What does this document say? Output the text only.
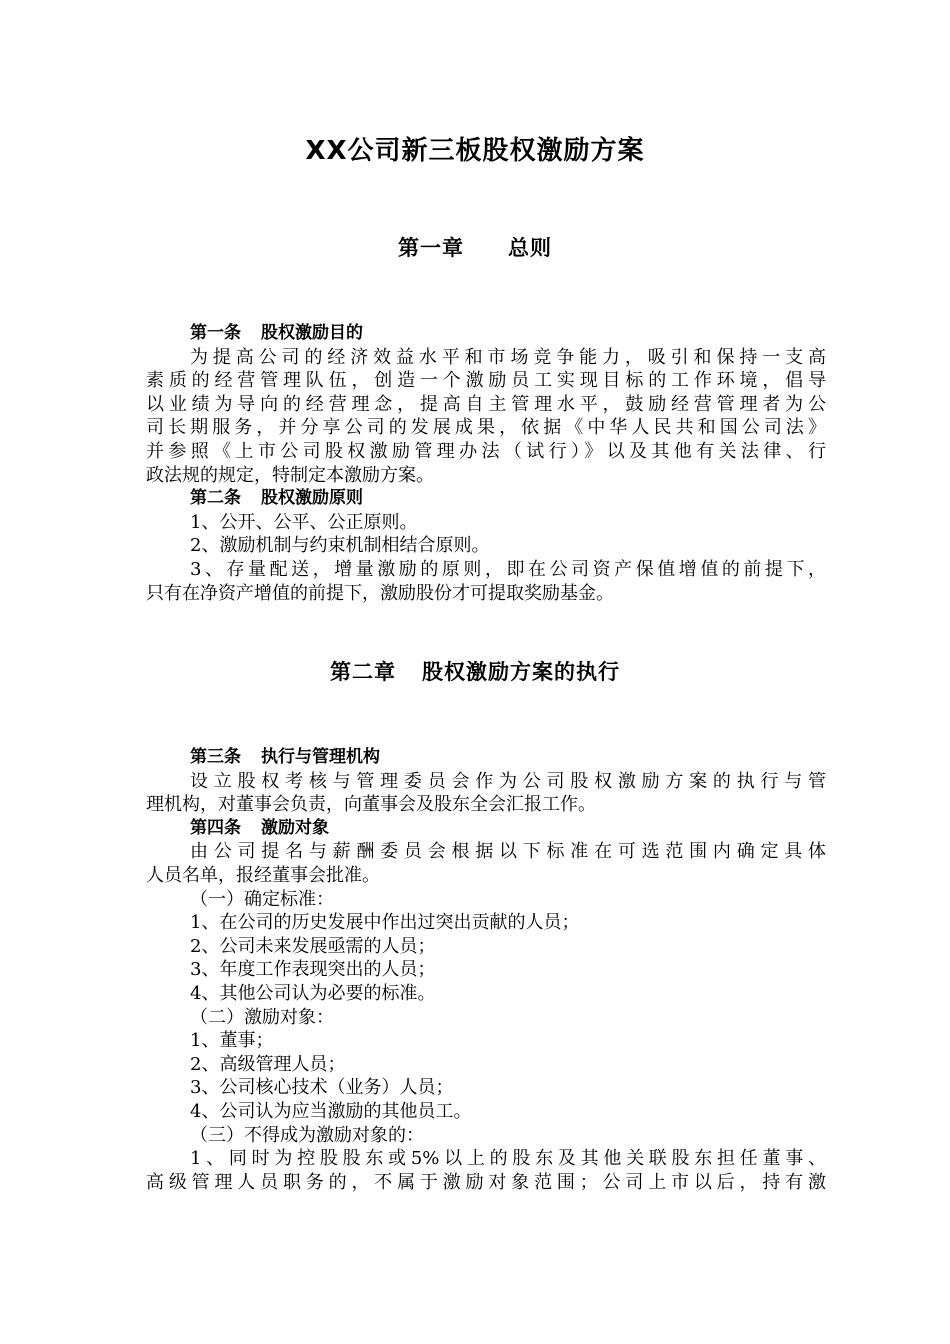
XX公司新三板股权激励方案
第一章 总则
第一条 股权激励目的
为提高公司的经济效益水平和市场竞争能力，吸引和保持一支高
素质的经营管理队伍，创造一个激励员工实现目标的工作环境，倡导
以业绩为导向的经营理念，提高自主管理水平，鼓励经营管理者为公
司长期服务，并分享公司的发展成果，依据《中华人民共和国公司法》
并参照《上市公司股权激励管理办法（试行）》以及其他有关法律、行
政法规的规定，特制定本激励方案。
第二条 股权激励原则
1、公开、公平、公正原则。
2、激励机制与约束机制相结合原则。
3、存量配送，增量激励的原则，即在公司资产保值增值的前提下，
只有在净资产增值的前提下，激励股份才可提取奖励基金。
第二章 股权激励方案的执行
第三条 执行与管理机构
设立股权考核与管理委员会作为公司股权激励方案的执行与管
理机构，对董事会负责，向董事会及股东全会汇报工作。
第四条 激励对象
由公司提名与薪酬委员会根据以下标准在可选范围内确定具体
人员名单，报经董事会批准。
（一）确定标准：
1、在公司的历史发展中作出过突出贡献的人员；
2、公司未来发展亟需的人员；
3、年度工作表现突出的人员；
4、其他公司认为必要的标准。
（二）激励对象：
1、董事；
2、高级管理人员；
3、公司核心技术（业务）人员；
4、公司认为应当激励的其他员工。
（三）不得成为激励对象的：
1、同时为控股股东或5%以上的股东及其他关联股东担任董事、
高级管理人员职务的，不属于激励对象范围；公司上市以后，持有激
